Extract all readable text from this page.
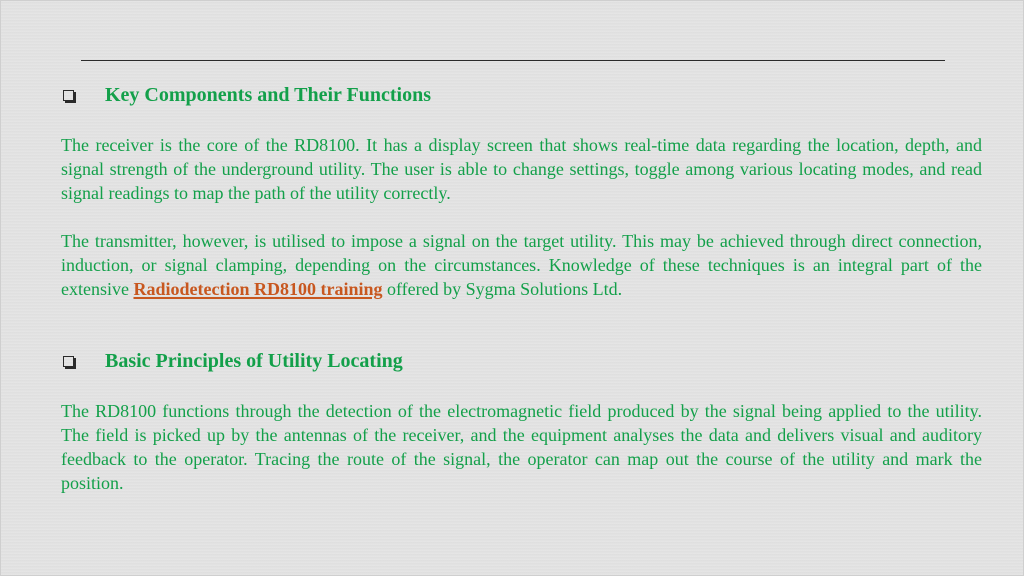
Key Components and Their Functions

The receiver is the core of the RD8100. It has a display screen that shows real-time data regarding the location, depth, and signal strength of the underground utility. The user is able to change settings, toggle among various locating modes, and read signal readings to map the path of the utility correctly.

The transmitter, however, is utilised to impose a signal on the target utility. This may be achieved through direct connection, induction, or signal clamping, depending on the circumstances. Knowledge of these techniques is an integral part of the extensive Radiodetection RD8100 training offered by Sygma Solutions Ltd.

Basic Principles of Utility Locating

The RD8100 functions through the detection of the electromagnetic field produced by the signal being applied to the utility. The field is picked up by the antennas of the receiver, and the equipment analyses the data and delivers visual and auditory feedback to the operator. Tracing the route of the signal, the operator can map out the course of the utility and mark the position.
